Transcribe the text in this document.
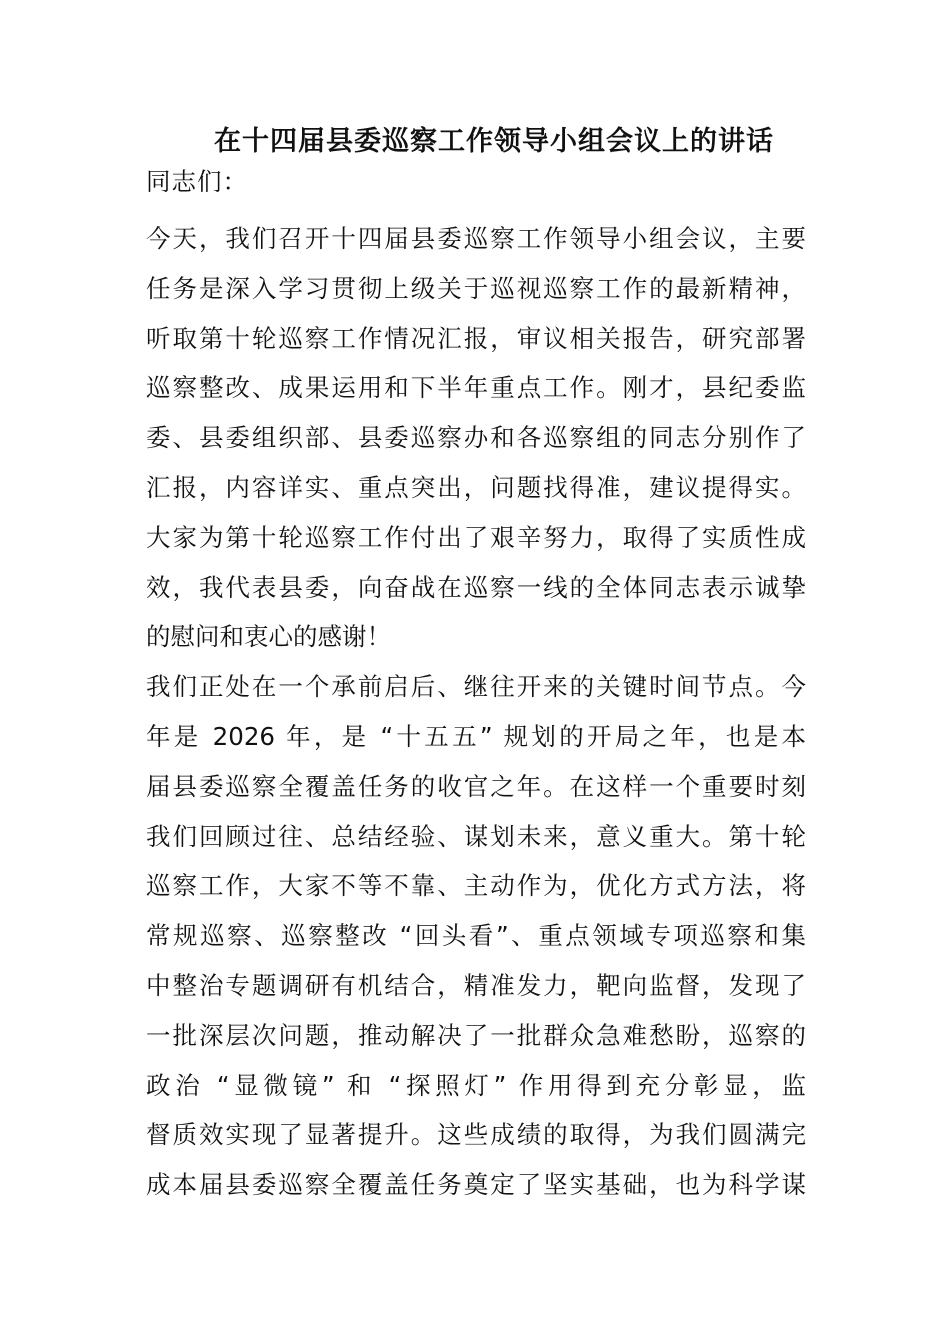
在十四届县委巡察工作领导小组会议上的讲话
同志们：
今天，我们召开十四届县委巡察工作领导小组会议，主要
任务是深入学习贯彻上级关于巡视巡察工作的最新精神，
听取第十轮巡察工作情况汇报，审议相关报告，研究部署
巡察整改、成果运用和下半年重点工作。刚才，县纪委监
委、县委组织部、县委巡察办和各巡察组的同志分别作了
汇报，内容详实、重点突出，问题找得准，建议提得实。
大家为第十轮巡察工作付出了艰辛努力，取得了实质性成
效，我代表县委，向奋战在巡察一线的全体同志表示诚挚
的慰问和衷心的感谢！
我们正处在一个承前启后、继往开来的关键时间节点。今
年是 2026 年，是 “十五五” 规划的开局之年，也是本
届县委巡察全覆盖任务的收官之年。在这样一个重要时刻
我们回顾过往、总结经验、谋划未来，意义重大。第十轮
巡察工作，大家不等不靠、主动作为，优化方式方法，将
常规巡察、巡察整改 “回头看”、重点领域专项巡察和集
中整治专题调研有机结合，精准发力，靶向监督，发现了
一批深层次问题，推动解决了一批群众急难愁盼，巡察的
政治 “显微镜” 和 “探照灯” 作用得到充分彰显，监
督质效实现了显著提升。这些成绩的取得，为我们圆满完
成本届县委巡察全覆盖任务奠定了坚实基础，也为科学谋
